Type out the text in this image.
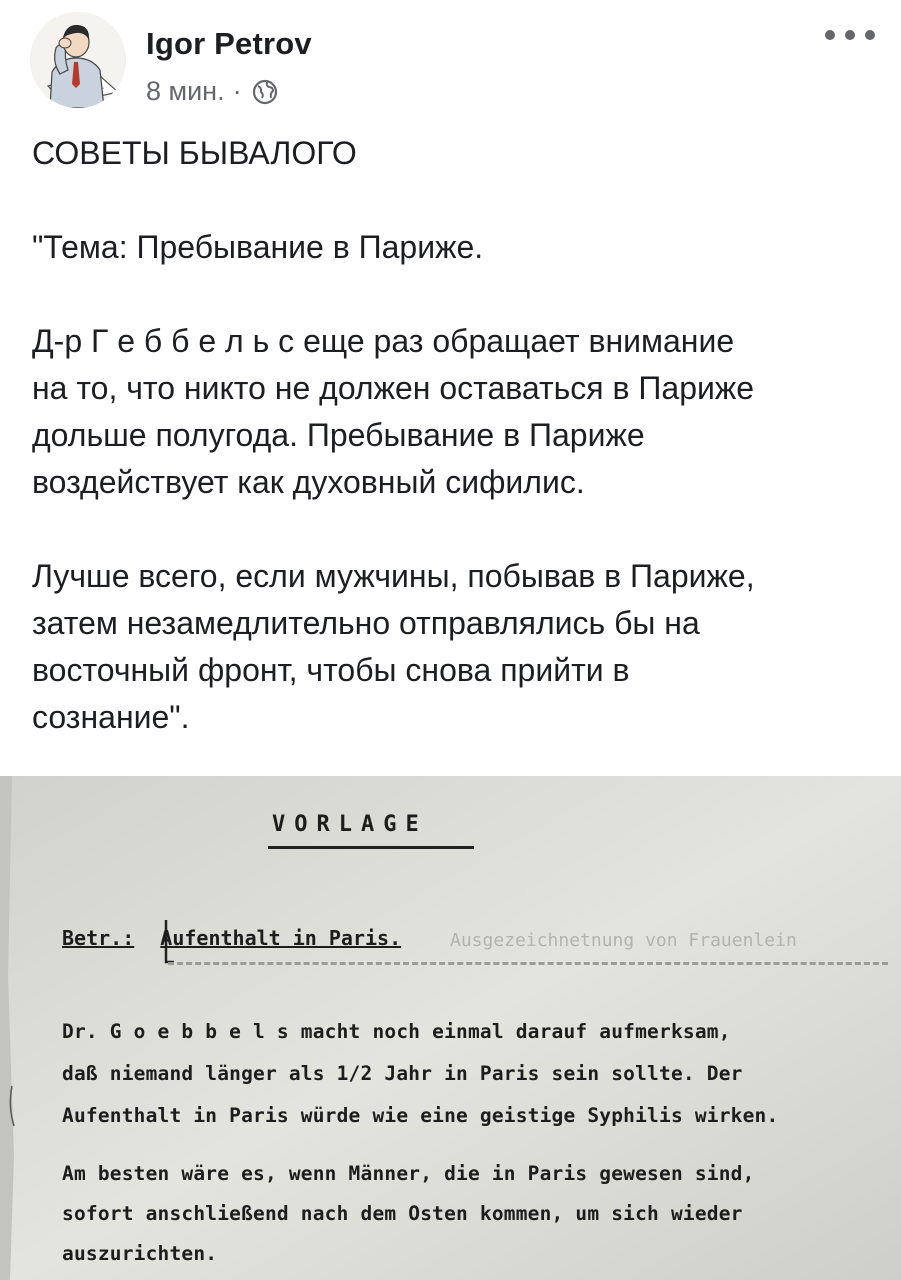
Igor Petrov
8 мин. ·

СОВЕТЫ БЫВАЛОГО

"Тема: Пребывание в Париже.

Д-р Г е б б е л ь с еще раз обращает внимание

на то, что никто не должен оставаться в Париже

дольше полугода. Пребывание в Париже

воздействует как духовный сифилис.

Лучше всего, если мужчины, побывав в Париже,

затем незамедлительно отправлялись бы на

восточный фронт, чтобы снова прийти в

сознание".

VORLAGE
Betr.: Aufenthalt in Paris.	Ausgezeichnetnung von Frauenlein
Dr. G o e b b e l s macht noch einmal darauf aufmerksam,
daß niemand länger als 1/2 Jahr in Paris sein sollte. Der
Aufenthalt in Paris würde wie eine geistige Syphilis wirken.
Am besten wäre es, wenn Männer, die in Paris gewesen sind,
sofort anschließend nach dem Osten kommen, um sich wieder
auszurichten.
